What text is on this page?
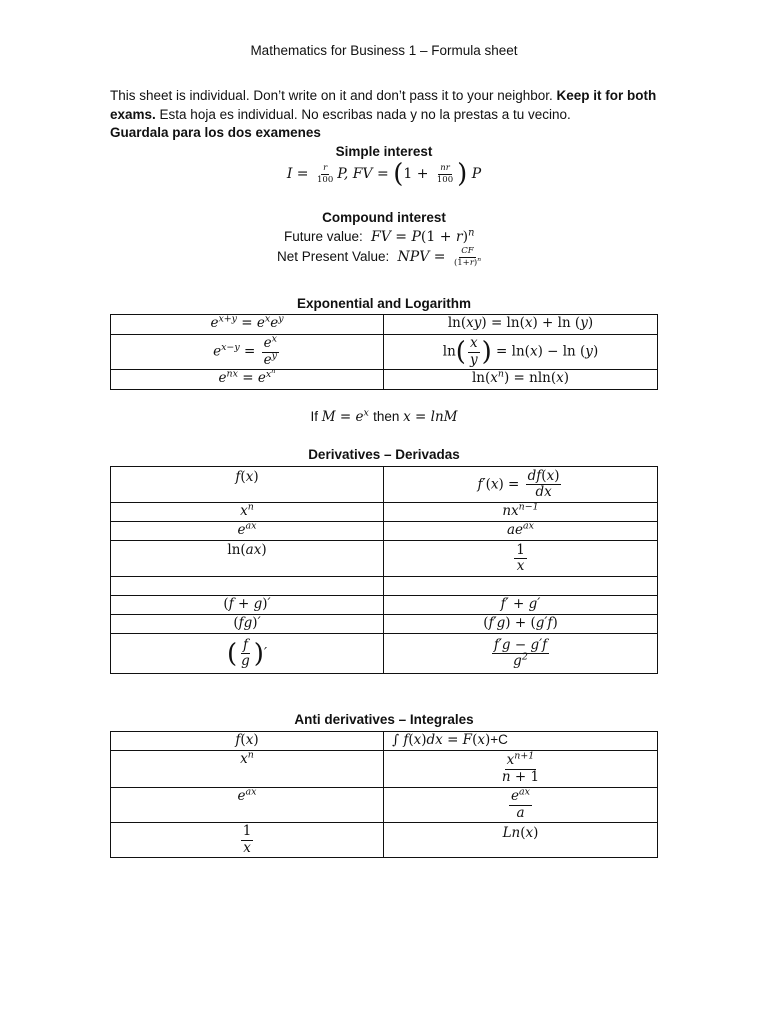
Mathematics for Business 1 – Formula sheet
This sheet is individual. Don’t write on it and don’t pass it to your neighbor. Keep it for both exams. Esta hoja es individual. No escribas nada y no la prestas a tu vecino.
Guardala para los dos examenes
Simple interest
$I = \frac{r}{100} P$, FV = ($1 + \frac{nr}{100}$ ) P
Compound interest
Future value:  FV = $P(1 + r)^n$
Net Present Value:  NPV = $\frac{CF}{(1+r)^n}$
Exponential and Logarithm
$e^{x+y} = e^xe^y$	ln(xy) = ln(x) + ln (y)
$e^{x-y} = \frac{e^x}{e^y}$	$\ln( \frac{x}{y}$ ) = ln(x) − ln (y)
$e^{nx} = e^{x^n}$	$\ln(x^n) = nln(x)$
If $M = e^x$ then x = lnM
Derivatives – Derivadas
f(x)	$f'(x) = \frac{df(x)}{dx}$

$x^n$	$nx^{n-1}$
$e^{ax}$	$ae^{ax}$
ln(ax)	$\frac{1}{x}$

(f + g)′	f′ + g′
(fg)′	(f′g) + (g′f)
( $\frac{f}{g}$ )′	$\frac{f'g - g'f}{g^2}$
Anti derivatives – Integrales
f(x)	∫ f(x)dx = F(x)+C
$x^n$	$\frac{x^{n+1}}{n + 1}$

$e^{ax}$	$\frac{e^{ax}}{a}$

$\frac{1}{x}$	Ln(x)
